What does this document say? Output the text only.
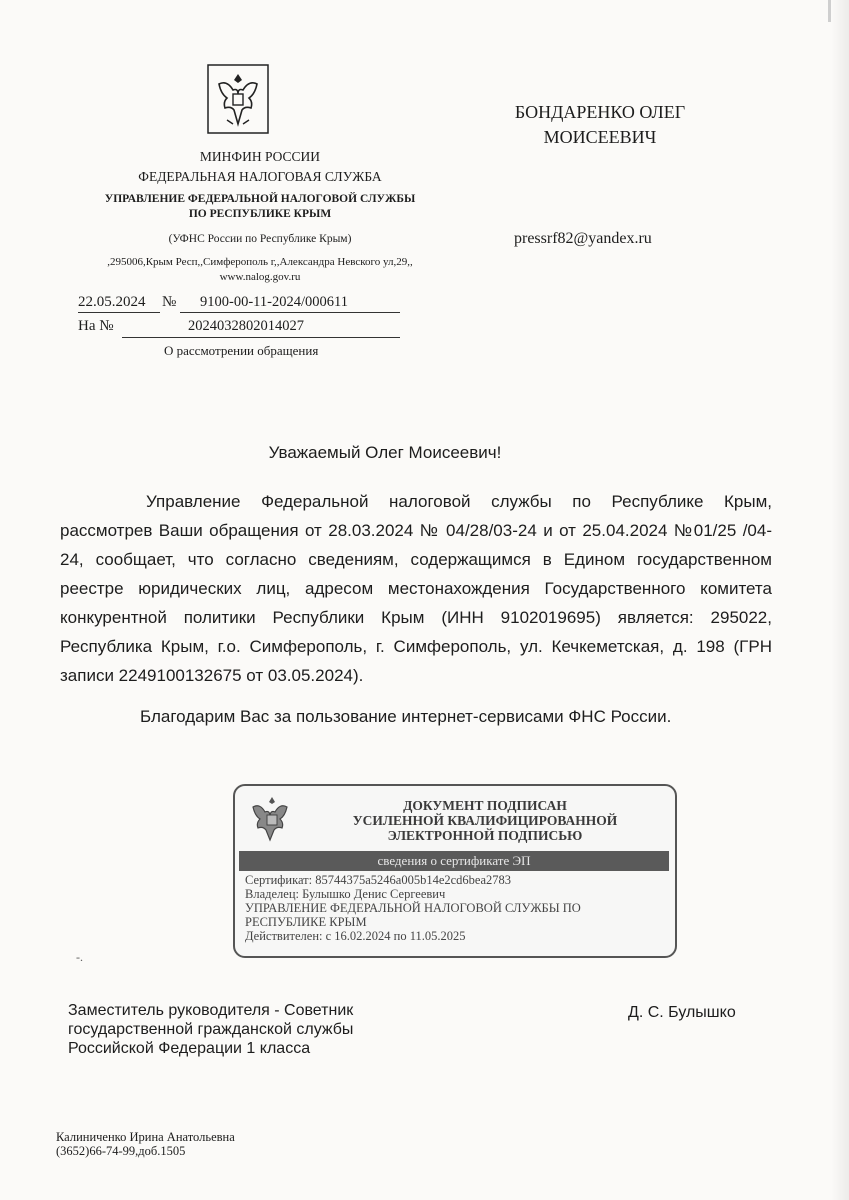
МИНФИН РОССИИ
ФЕДЕРАЛЬНАЯ НАЛОГОВАЯ СЛУЖБА
УПРАВЛЕНИЕ ФЕДЕРАЛЬНОЙ НАЛОГОВОЙ СЛУЖБЫ
ПО РЕСПУБЛИКЕ КРЫМ
(УФНС России по Республике Крым)
,295006,Крым Респ,,Симферополь г,,Александра Невского ул,29,,
www.nalog.gov.ru
22.05.2024 № 9100-00-11-2024/000611
На №	2024032802014027
О рассмотрении обращения
БОНДАРЕНКО ОЛЕГ
МОИСЕЕВИЧ
pressrf82@yandex.ru
Уважаемый Олег Моисеевич!
Управление Федеральной налоговой службы по Республике Крым, рассмотрев Ваши обращения от 28.03.2024 № 04/28/03-24 и от 25.04.2024 №01/25 /04-24, сообщает, что согласно сведениям, содержащимся в Едином государственном реестре юридических лиц, адресом местонахождения Государственного комитета конкурентной политики Республики Крым (ИНН 9102019695) является: 295022, Республика Крым, г.о. Симферополь, г. Симферополь, ул. Кечкеметская, д. 198 (ГРН записи 2249100132675 от 03.05.2024).
Благодарим Вас за пользование интернет-сервисами ФНС России.
ДОКУМЕНТ ПОДПИСАН
УСИЛЕННОЙ КВАЛИФИЦИРОВАННОЙ
ЭЛЕКТРОННОЙ ПОДПИСЬЮ
сведения о сертификате ЭП
Сертификат: 85744375a5246a005b14e2cd6bea2783
Владелец: Булышко Денис Сергеевич
УПРАВЛЕНИЕ ФЕДЕРАЛЬНОЙ НАЛОГОВОЙ СЛУЖБЫ ПО
РЕСПУБЛИКЕ КРЫМ
Действителен: с 16.02.2024 по 11.05.2025
-.
Заместитель руководителя - Советник
государственной гражданской службы
Российской Федерации 1 класса
Д. С. Булышко
Калиниченко Ирина Анатольевна
(3652)66-74-99,доб.1505
